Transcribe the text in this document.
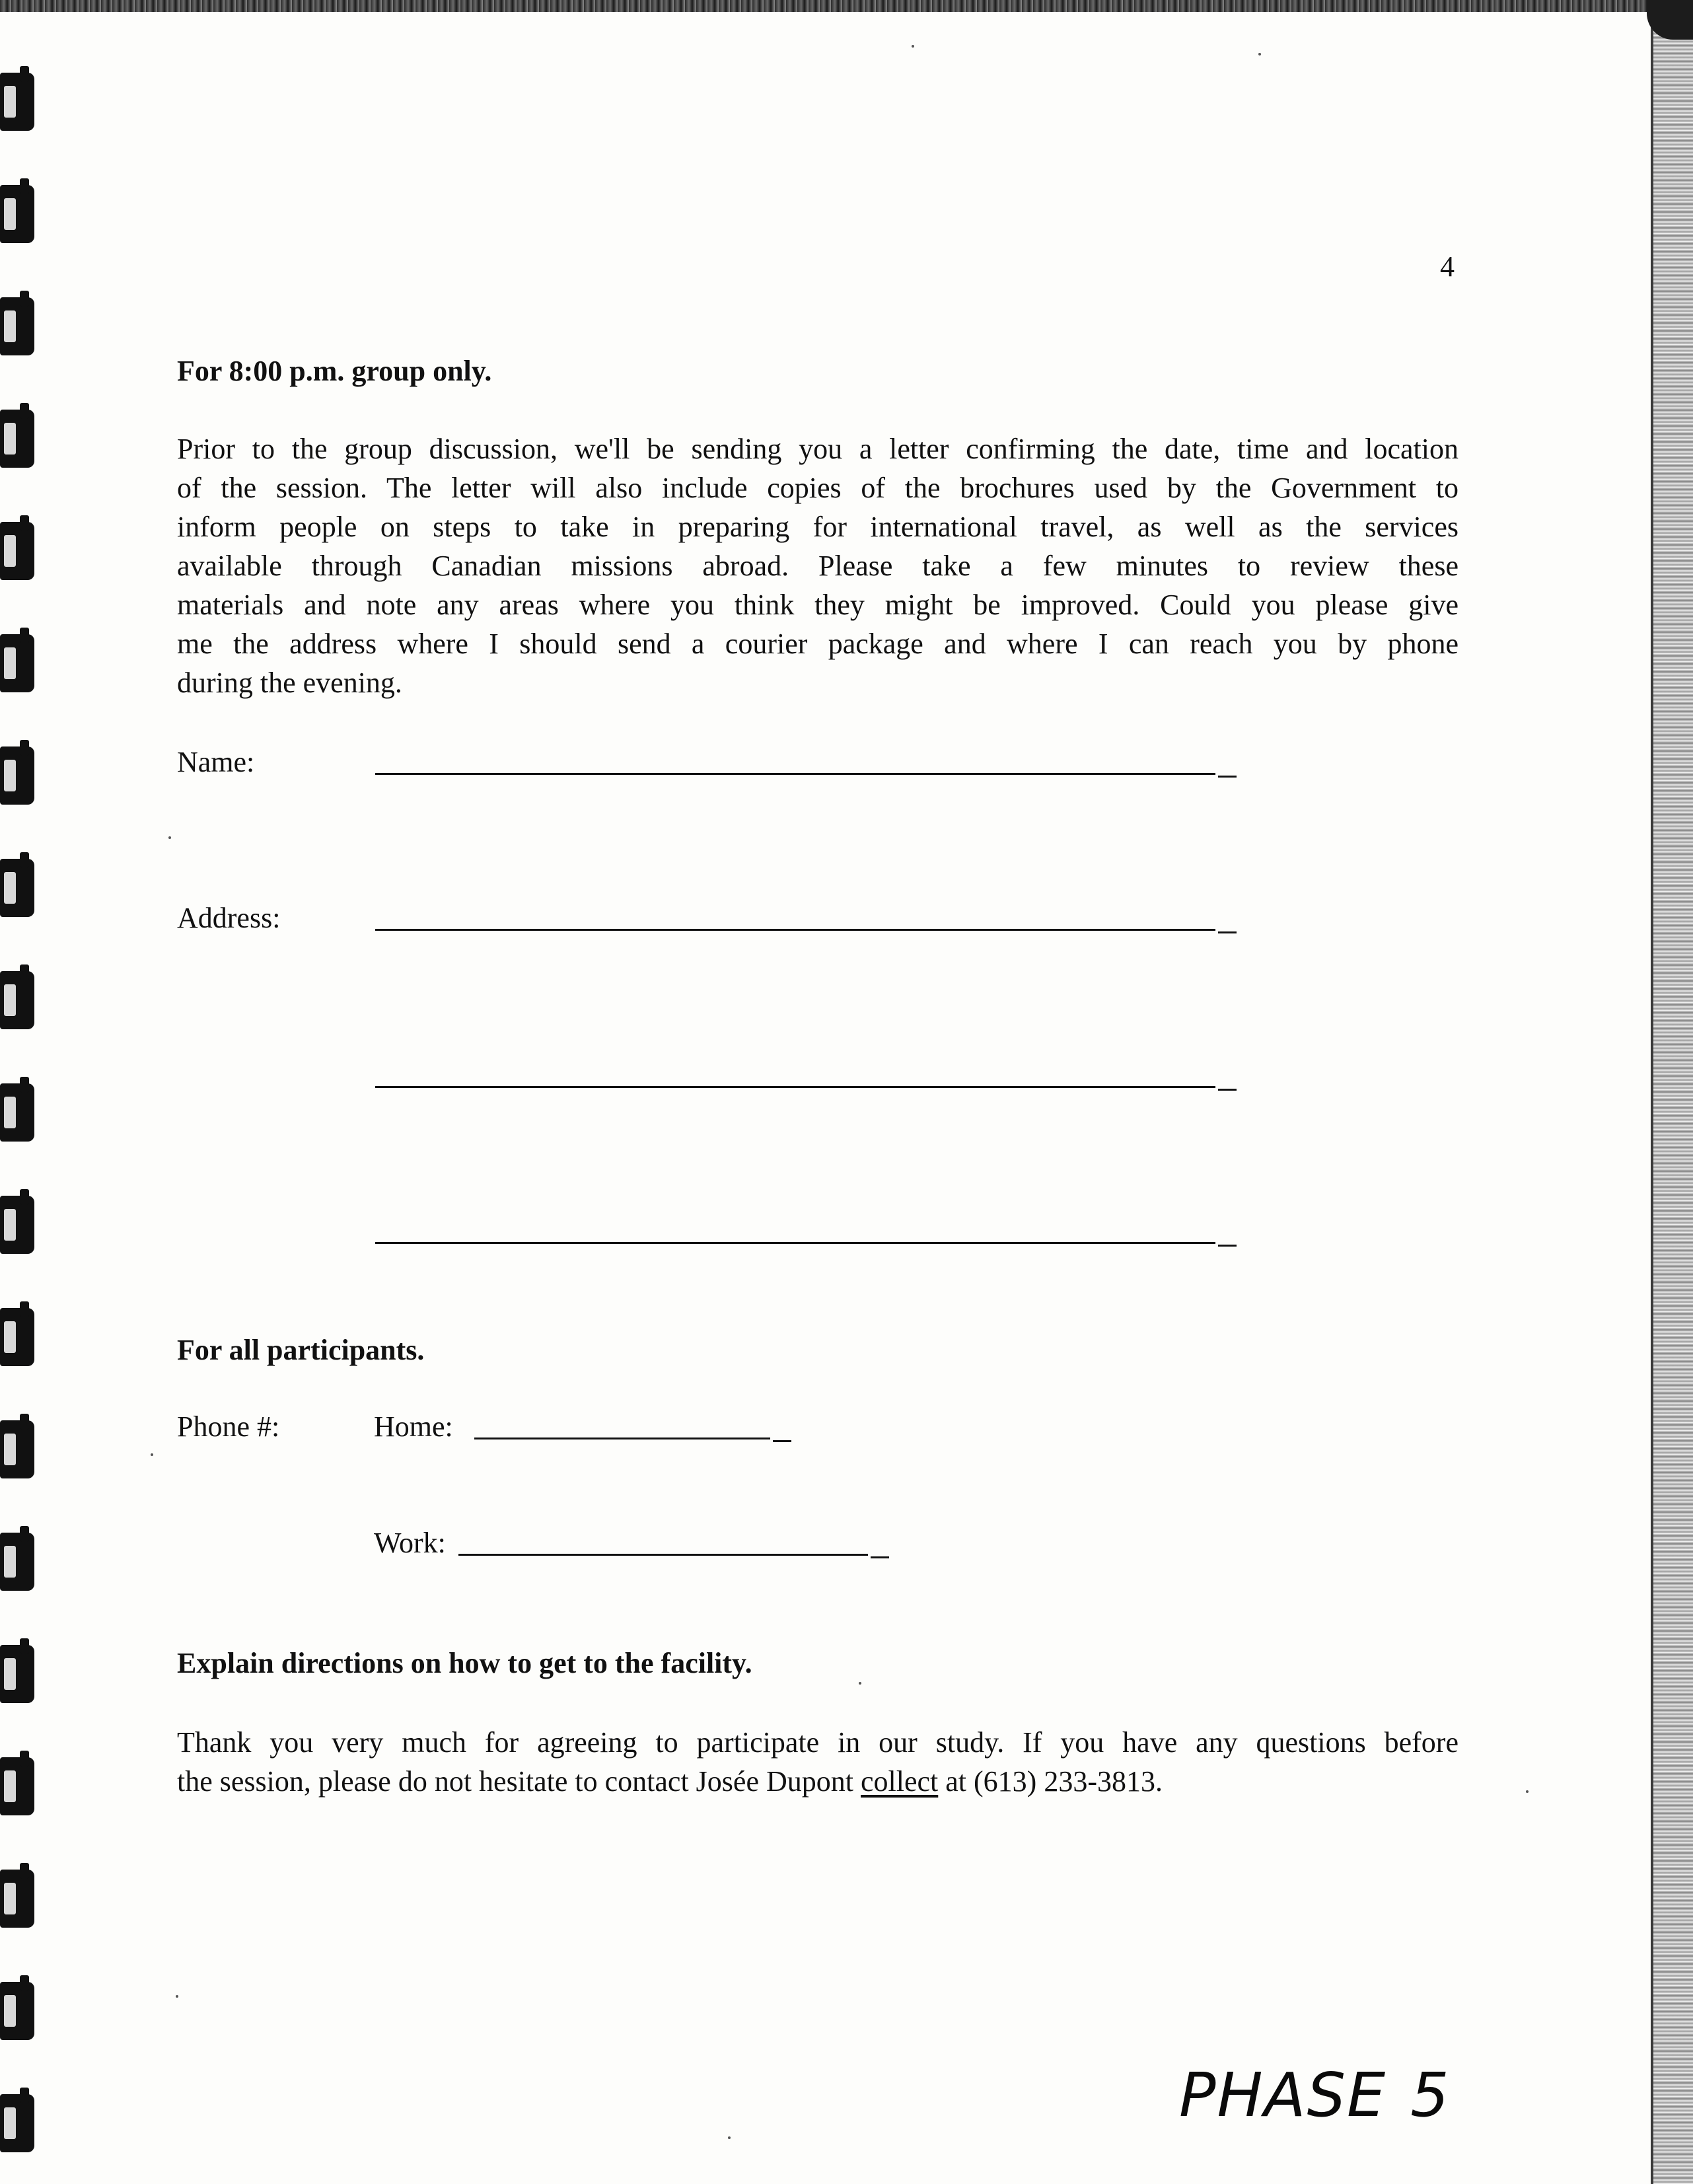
4
For 8:00 p.m. group only.
Prior to the group discussion, we'll be sending you a letter confirming the date, time and location
of the session. The letter will also include copies of the brochures used by the Government to
inform people on steps to take in preparing for international travel, as well as the services
available through Canadian missions abroad. Please take a few minutes to review these
materials and note any areas where you think they might be improved. Could you please give
me the address where I should send a courier package and where I can reach you by phone
during the evening.
Name:
Address:
For all participants.
Phone #:	Home:
Work:
Explain directions on how to get to the facility.
Thank you very much for agreeing to participate in our study. If you have any questions before
the session, please do not hesitate to contact Josée Dupont collect at (613) 233-3813.
PHASE 5
